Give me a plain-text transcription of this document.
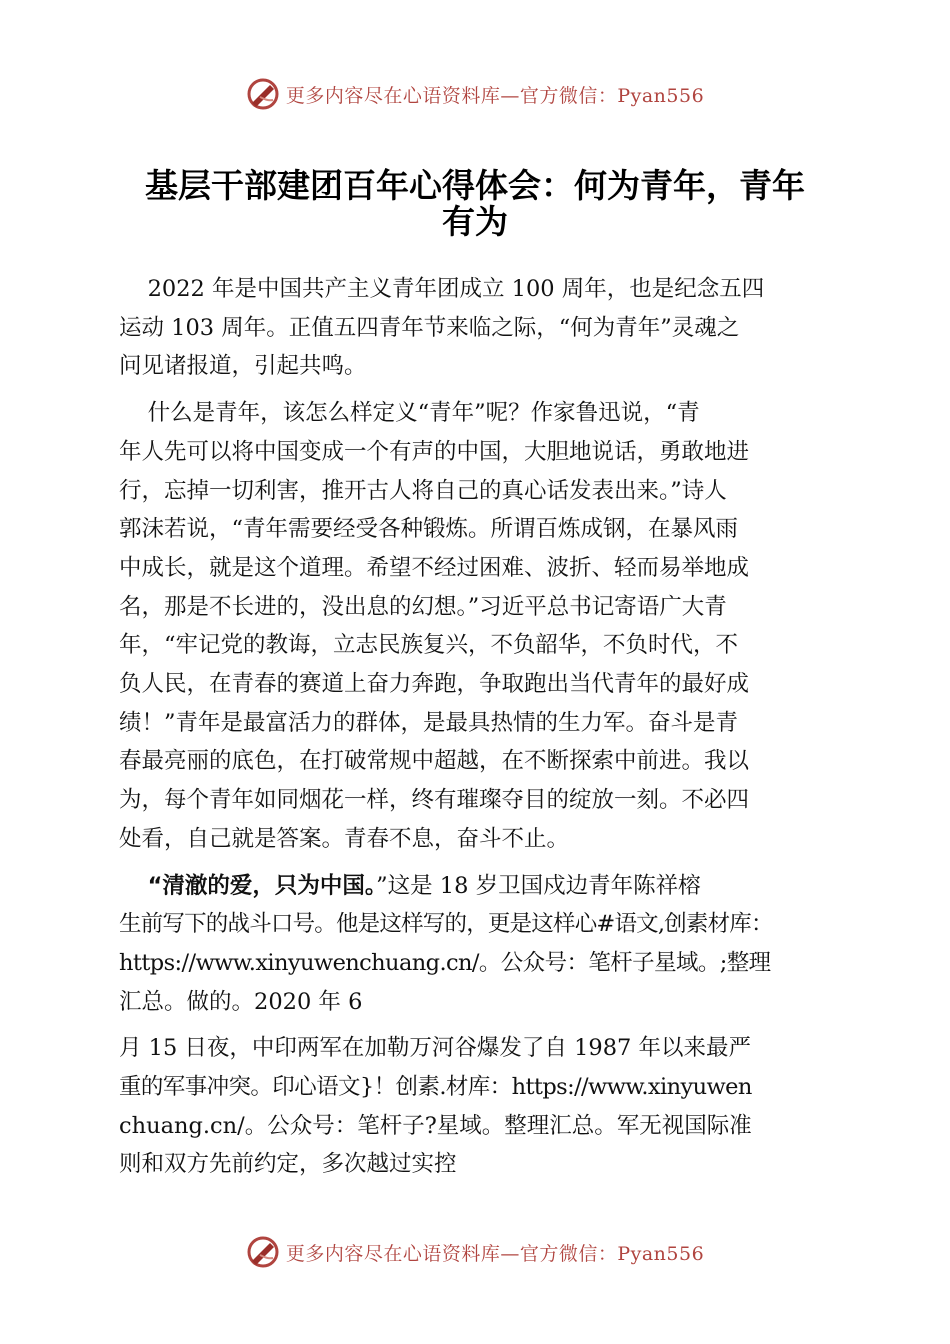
更多内容尽在心语资料库— 官方微信：Pyan556
基层干部建团百年心得体会：何为青年，青年
有为

2022 年是中国共产主义青年团成立 100 周年，也是纪念五四

运动 103 周年。正值五四青年节来临之际，“何为青年”灵魂之

问见诸报道，引起共鸣。

什么是青年，该怎么样定义“青年”呢？作家鲁迅说，“青

年人先可以将中国变成一个有声的中国，大胆地说话，勇敢地进

行，忘掉一切利害，推开古人将自己的真心话发表出来。”诗人

郭沫若说，“青年需要经受各种锻炼。所谓百炼成钢，在暴风雨

中成长，就是这个道理。希望不经过困难、波折、轻而易举地成

名，那是不长进的，没出息的幻想。”习近平总书记寄语广大青

年，“牢记党的教诲，立志民族复兴，不负韶华，不负时代，不

负人民，在青春的赛道上奋力奔跑，争取跑出当代青年的最好成

绩！”青年是最富活力的群体，是最具热情的生力军。奋斗是青

春最亮丽的底色，在打破常规中超越，在不断探索中前进。我以

为，每个青年如同烟花一样，终有璀璨夺目的绽放一刻。不必四

处看，自己就是答案。青春不息，奋斗不止。

“清澈的爱，只为中国。”这是 18 岁卫国戍边青年陈祥榕

生前写下的战斗口号。他是这样写的，更是这样心#语文,创素材库：

https://www.xinyuwenchuang.cn/。公众号：笔杆子星域。;整理

汇总。做的。2020 年 6

月 15 日夜，中印两军在加勒万河谷爆发了自 1987 年以来最严

重的军事冲突。印心语文}！创素.材库：https://www.xinyuwen

chuang.cn/。公众号：笔杆子?星域。整理汇总。军无视国际准

则和双方先前约定，多次越过实控

更多内容尽在心语资料库— 官方微信：Pyan556
